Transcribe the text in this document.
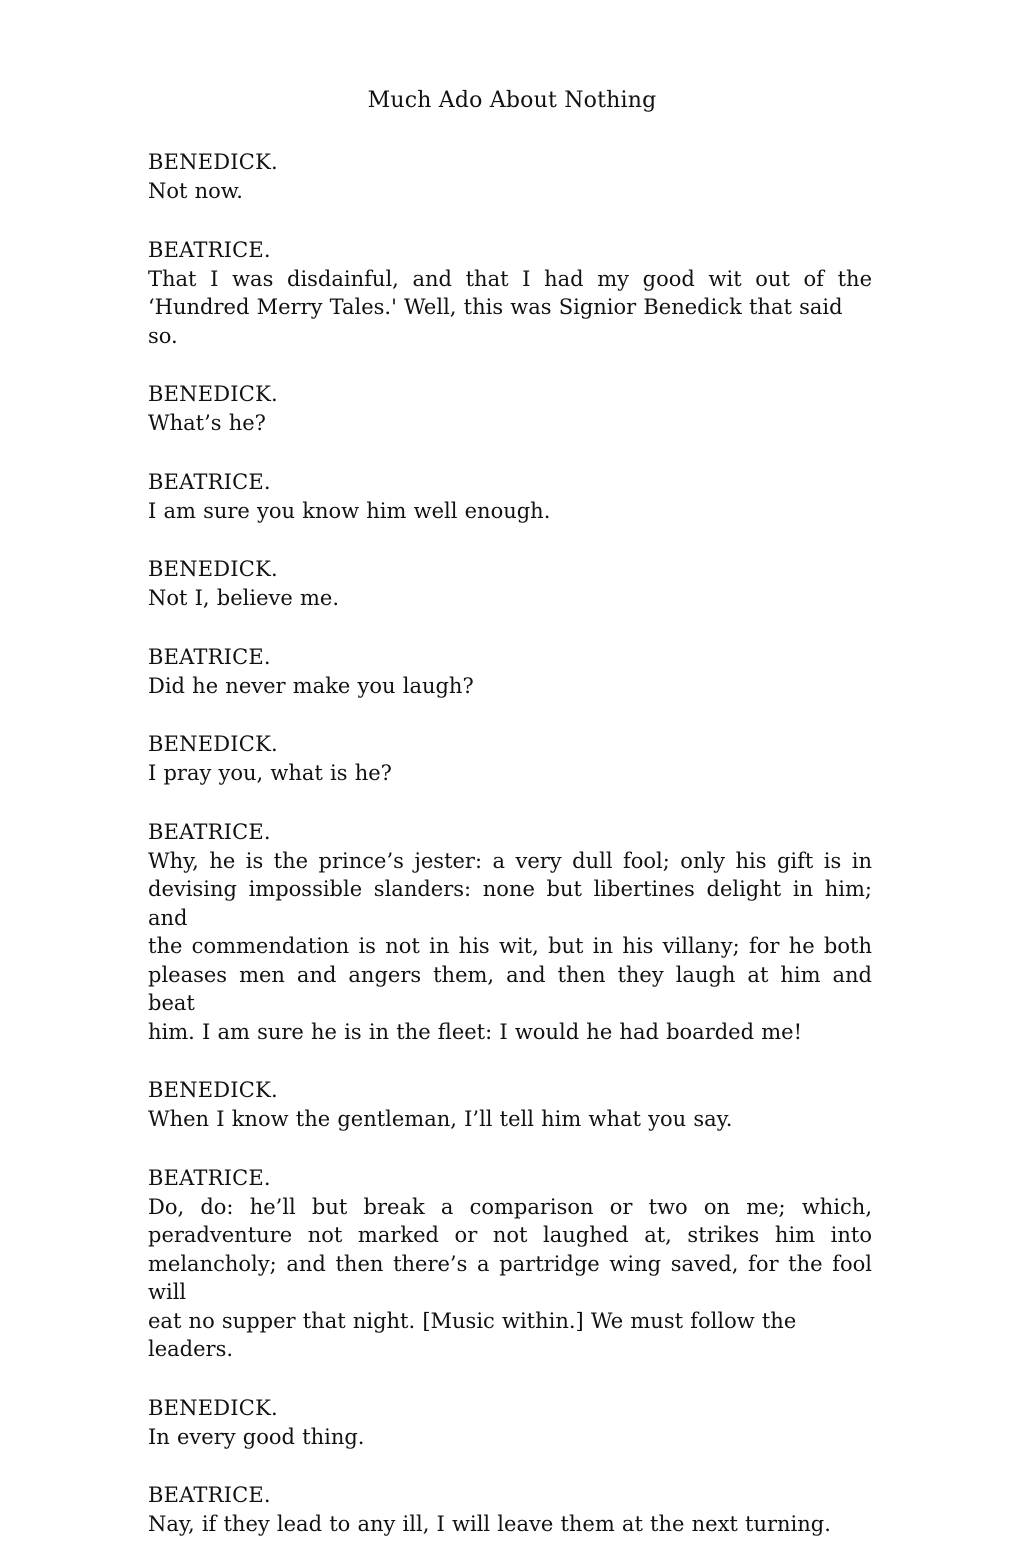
Much Ado About Nothing
BENEDICK.
Not now.
BEATRICE.
That I was disdainful, and that I had my good wit out of the
‘Hundred Merry Tales.' Well, this was Signior Benedick that said so.
BENEDICK.
What’s he?
BEATRICE.
I am sure you know him well enough.
BENEDICK.
Not I, believe me.
BEATRICE.
Did he never make you laugh?
BENEDICK.
I pray you, what is he?
BEATRICE.
Why, he is the prince’s jester: a very dull fool; only his gift is in
devising impossible slanders: none but libertines delight in him; and
the commendation is not in his wit, but in his villany; for he both
pleases men and angers them, and then they laugh at him and beat
him. I am sure he is in the fleet: I would he had boarded me!
BENEDICK.
When I know the gentleman, I’ll tell him what you say.
BEATRICE.
Do, do: he’ll but break a comparison or two on me; which,
peradventure not marked or not laughed at, strikes him into
melancholy; and then there’s a partridge wing saved, for the fool will
eat no supper that night. [Music within.] We must follow the leaders.
BENEDICK.
In every good thing.
BEATRICE.
Nay, if they lead to any ill, I will leave them at the next turning.
